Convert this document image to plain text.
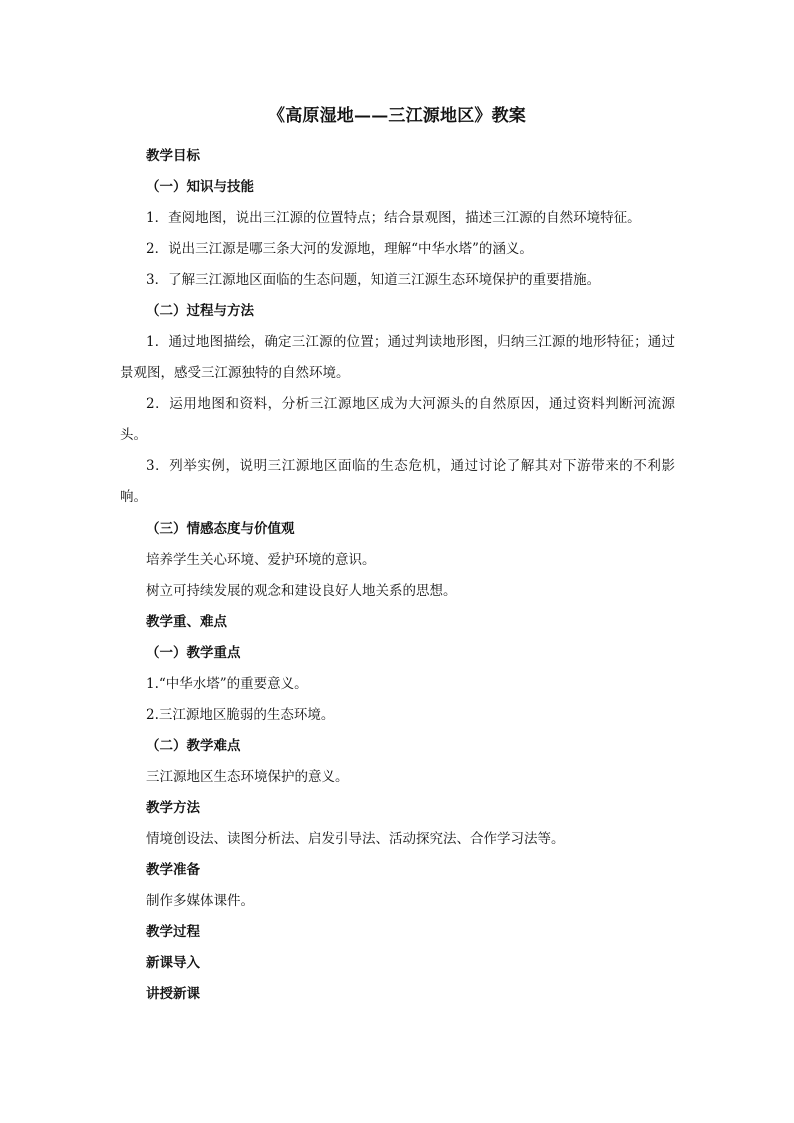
《高原湿地——三江源地区》教案
教学目标
（一）知识与技能
1．查阅地图，说出三江源的位置特点；结合景观图，描述三江源的自然环境特征。
2．说出三江源是哪三条大河的发源地，理解“中华水塔”的涵义。
3．了解三江源地区面临的生态问题，知道三江源生态环境保护的重要措施。
（二）过程与方法
1．通过地图描绘，确定三江源的位置；通过判读地形图，归纳三江源的地形特征；通过景观图，感受三江源独特的自然环境。
2．运用地图和资料，分析三江源地区成为大河源头的自然原因，通过资料判断河流源头。
3．列举实例，说明三江源地区面临的生态危机，通过讨论了解其对下游带来的不利影响。
（三）情感态度与价值观
培养学生关心环境、爱护环境的意识。
树立可持续发展的观念和建设良好人地关系的思想。
教学重、难点
（一）教学重点
1.“中华水塔”的重要意义。
2.三江源地区脆弱的生态环境。
（二）教学难点
三江源地区生态环境保护的意义。
教学方法
情境创设法、读图分析法、启发引导法、活动探究法、合作学习法等。
教学准备
制作多媒体课件。
教学过程
新课导入
讲授新课
